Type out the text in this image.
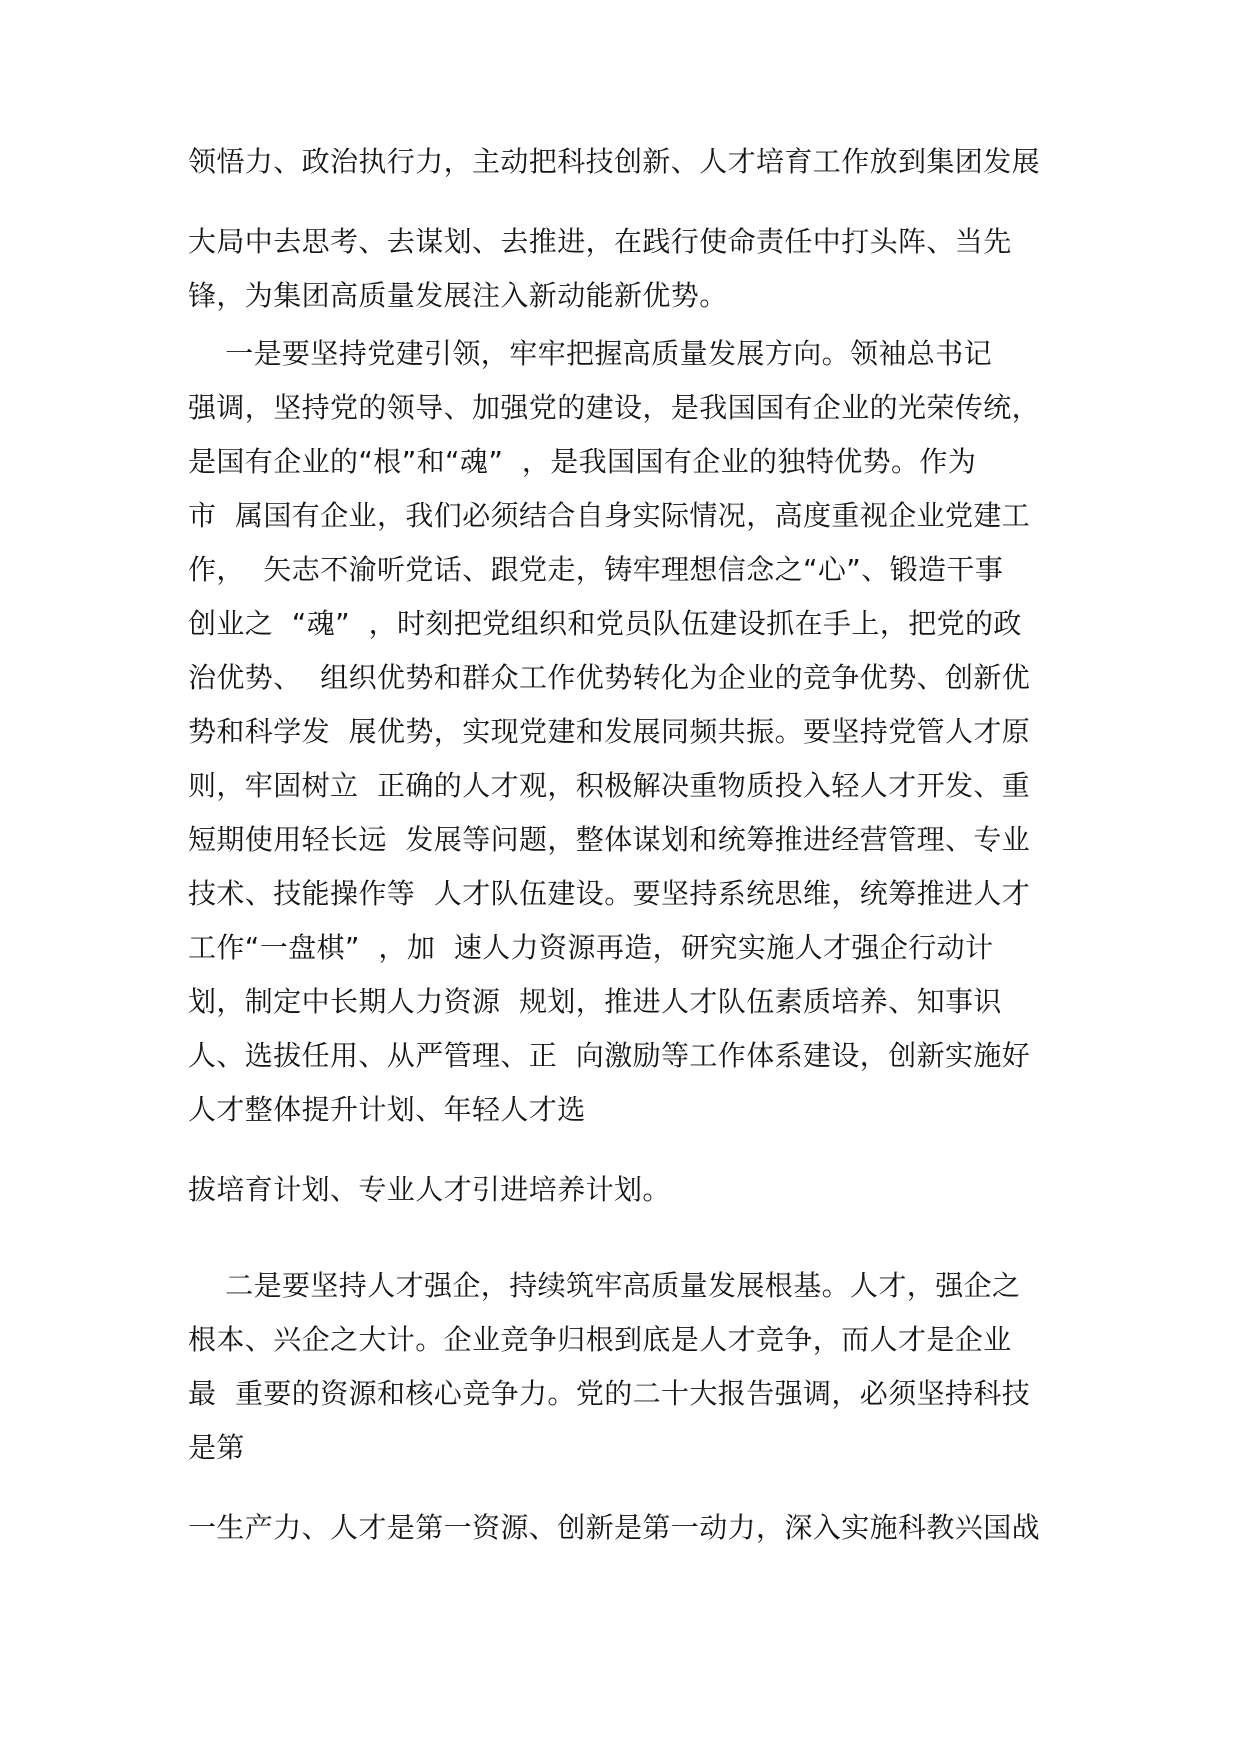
领悟力、政治执行力，主动把科技创新、人才培育工作放到集团发展
大局中去思考、去谋划、去推进，在践行使命责任中打头阵、当先
锋，为集团高质量发展注入新动能新优势。
一是要坚持党建引领，牢牢把握高质量发展方向。领袖总书记
强调，坚持党的领导、加强党的建设，是我国国有企业的光荣传统，
是国有企业的“根”和“魂”  ，是我国国有企业的独特优势。作为
市  属国有企业，我们必须结合自身实际情况，高度重视企业党建工
作，  矢志不渝听党话、跟党走，铸牢理想信念之“心”、锻造干事
创业之  “魂”  ，时刻把党组织和党员队伍建设抓在手上，把党的政
治优势、  组织优势和群众工作优势转化为企业的竞争优势、创新优
势和科学发  展优势，实现党建和发展同频共振。要坚持党管人才原
则，牢固树立  正确的人才观，积极解决重物质投入轻人才开发、重
短期使用轻长远  发展等问题，整体谋划和统筹推进经营管理、专业
技术、技能操作等  人才队伍建设。要坚持系统思维，统筹推进人才
工作“一盘棋”  ，加  速人力资源再造，研究实施人才强企行动计
划，制定中长期人力资源  规划，推进人才队伍素质培养、知事识
人、选拔任用、从严管理、正  向激励等工作体系建设，创新实施好
人才整体提升计划、年轻人才选
拔培育计划、专业人才引进培养计划。
二是要坚持人才强企，持续筑牢高质量发展根基。人才，强企之
根本、兴企之大计。企业竞争归根到底是人才竞争，而人才是企业
最  重要的资源和核心竞争力。党的二十大报告强调，必须坚持科技
是第
一生产力、人才是第一资源、创新是第一动力，深入实施科教兴国战
